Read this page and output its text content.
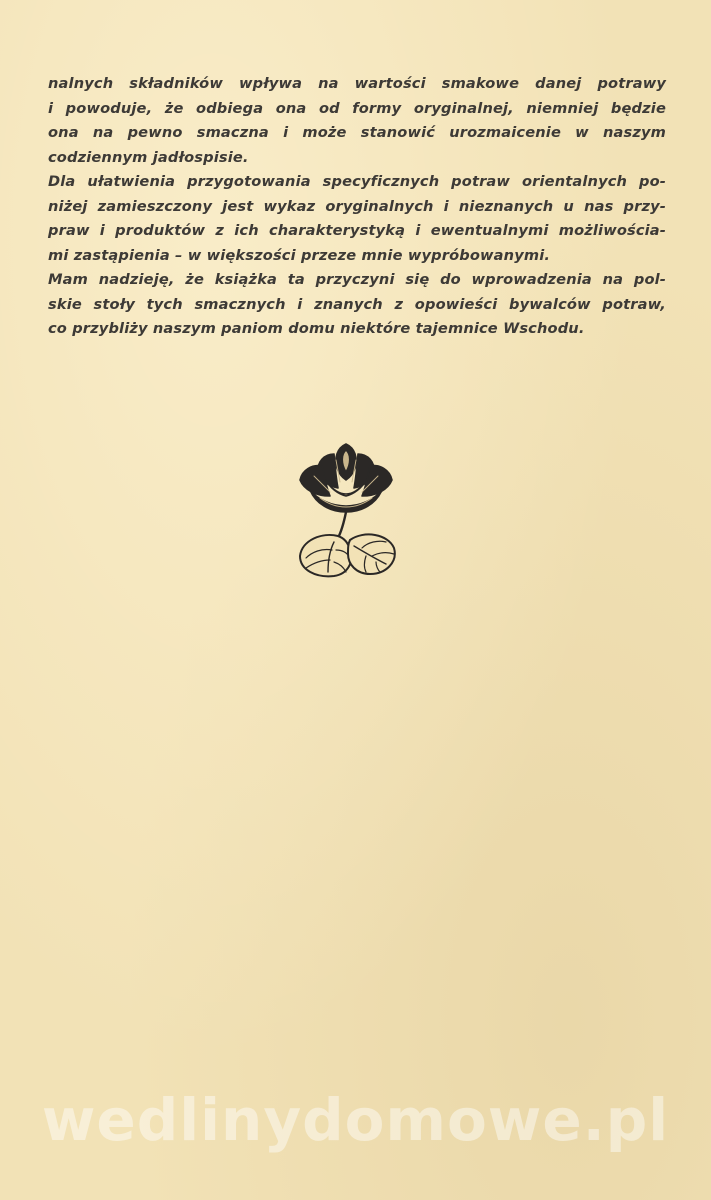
nalnych składników wpływa na wartości smakowe danej potrawy
i powoduje, że odbiega ona od formy oryginalnej, niemniej będzie
ona na pewno smaczna i może stanowić urozmaicenie w naszym
codziennym jadłospisie.
Dla ułatwienia przygotowania specyficznych potraw orientalnych po-
niżej zamieszczony jest wykaz oryginalnych i nieznanych u nas przy-
praw i produktów z ich charakterystyką i ewentualnymi możliwościa-
mi zastąpienia – w większości przeze mnie wypróbowanymi.
Mam nadzieję, że książka ta przyczyni się do wprowadzenia na pol-
skie stoły tych smacznych i znanych z opowieści bywalców potraw,
co przybliży naszym paniom domu niektóre tajemnice Wschodu.
wedlinydomowe.pl
